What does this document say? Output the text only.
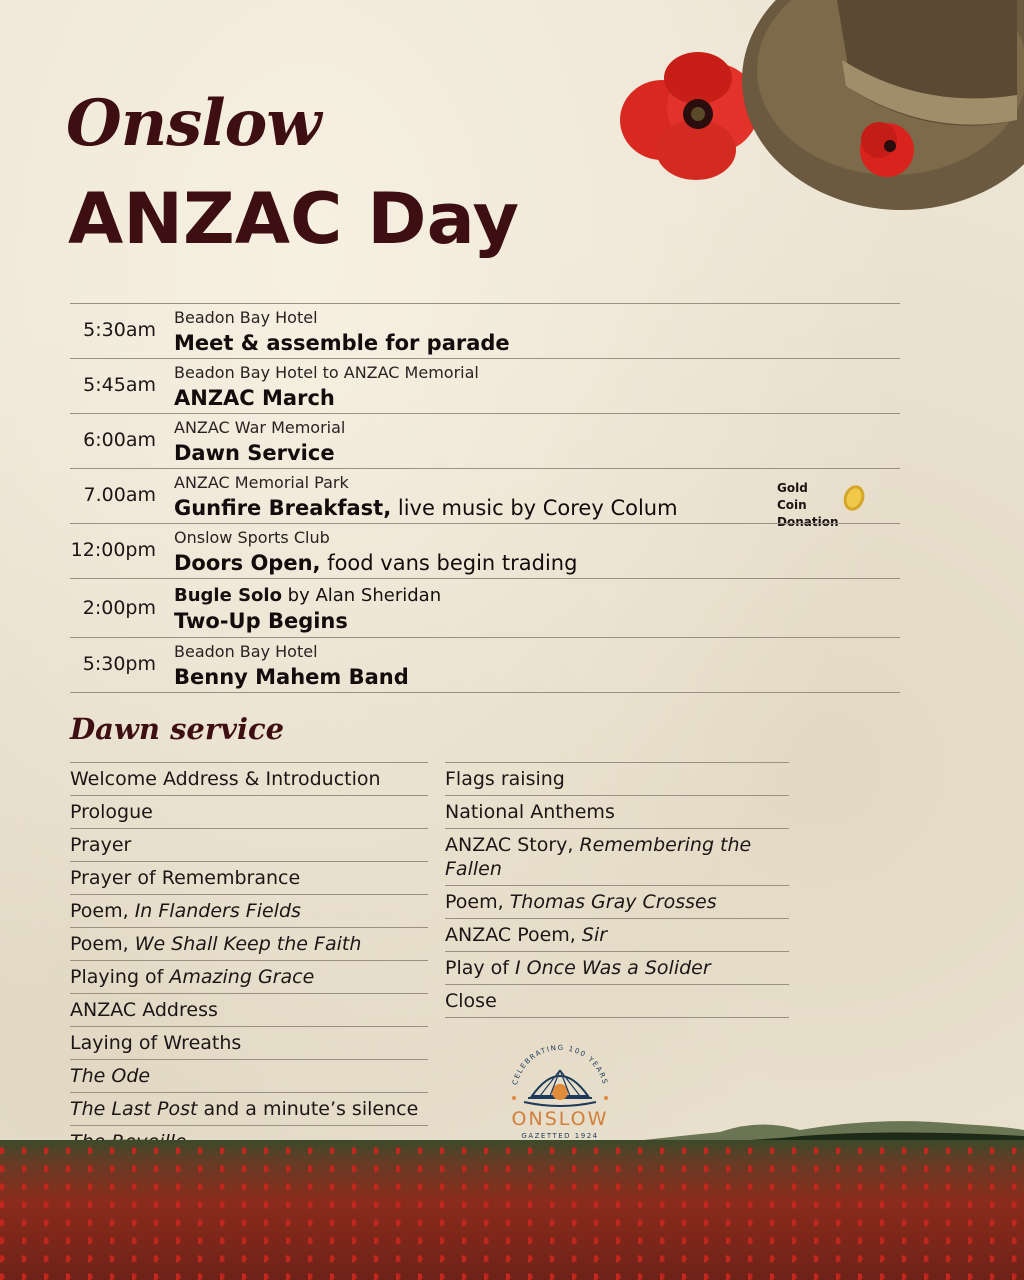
Onslow
ANZAC Day
5:30am
Beadon Bay Hotel
Meet & assemble for parade
5:45am
Beadon Bay Hotel to ANZAC Memorial
ANZAC March
6:00am
ANZAC War Memorial
Dawn Service
7.00am
ANZAC Memorial Park
Gunfire Breakfast, live music by Corey Colum
Gold Coin
Donation
12:00pm
Onslow Sports Club
Doors Open, food vans begin trading
2:00pm
Bugle Solo by Alan Sheridan
Two-Up Begins
5:30pm
Beadon Bay Hotel
Benny Mahem Band
Dawn service
Welcome Address & Introduction
Prologue
Prayer
Prayer of Remembrance
Poem, In Flanders Fields
Poem, We Shall Keep the Faith
Playing of Amazing Grace
ANZAC Address
Laying of Wreaths
The Ode
The Last Post and a minute’s silence
Flags raising
National Anthems
ANZAC Story, Remembering the Fallen
Poem, Thomas Gray Crosses
ANZAC Poem, Sir
Play of I Once Was a Solider
Close
CELEBRATING 100 YEARS
ONSLOW
GAZETTED 1924
